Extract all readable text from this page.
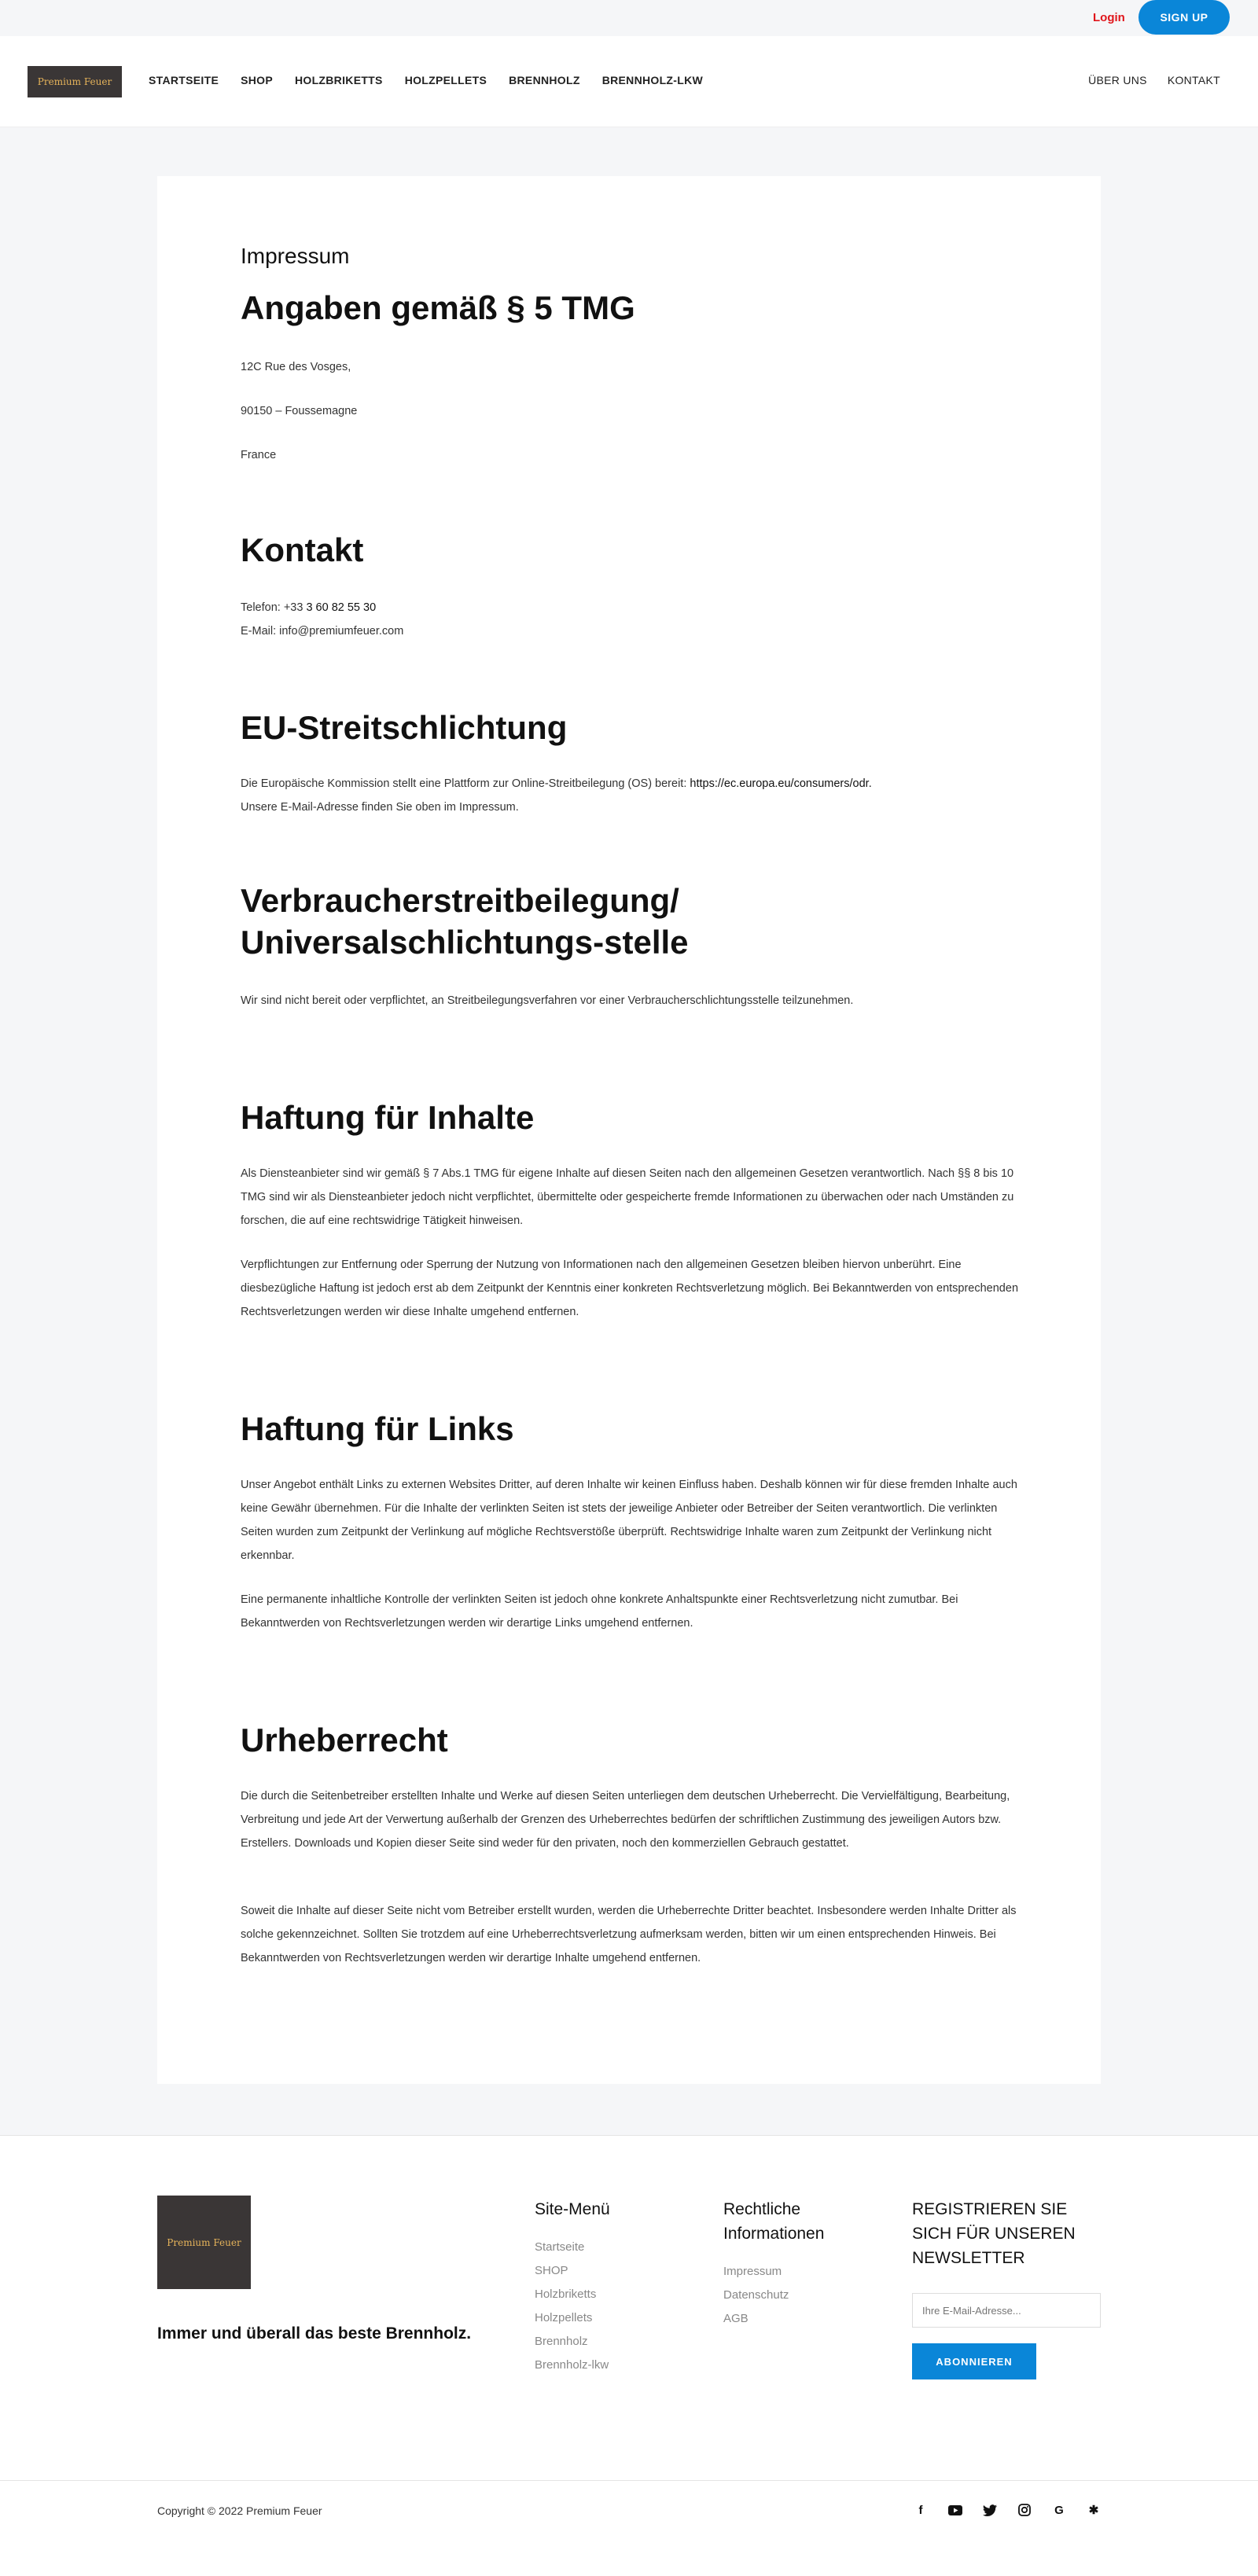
Login	SIGN UP
Premium Feuer	STARTSEITE SHOP HOLZBRIKETTS HOLZPELLETS BRENNHOLZ BRENNHOLZ-LKW	ÜBER UNS KONTAKT
Impressum
Angaben gemäß § 5 TMG

12C Rue des Vosges,

90150 – Foussemagne

France

Kontakt

Telefon: +33 3 60 82 55 30

E-Mail: info@premiumfeuer.com

EU-Streitschlichtung

Die Europäische Kommission stellt eine Plattform zur Online-Streitbeilegung (OS) bereit: https://ec.europa.eu/consumers/odr.

Unsere E-Mail-Adresse finden Sie oben im Impressum.

Verbraucherstreitbeilegung/ Universalschlichtungs-stelle

Wir sind nicht bereit oder verpflichtet, an Streitbeilegungsverfahren vor einer Verbraucherschlichtungsstelle teilzunehmen.

Haftung für Inhalte

Als Diensteanbieter sind wir gemäß § 7 Abs.1 TMG für eigene Inhalte auf diesen Seiten nach den allgemeinen Gesetzen verantwortlich. Nach §§ 8 bis 10 TMG sind wir als Diensteanbieter jedoch nicht verpflichtet, übermittelte oder gespeicherte fremde Informationen zu überwachen oder nach Umständen zu forschen, die auf eine rechtswidrige Tätigkeit hinweisen.

Verpflichtungen zur Entfernung oder Sperrung der Nutzung von Informationen nach den allgemeinen Gesetzen bleiben hiervon unberührt. Eine diesbezügliche Haftung ist jedoch erst ab dem Zeitpunkt der Kenntnis einer konkreten Rechtsverletzung möglich. Bei Bekanntwerden von entsprechenden Rechtsverletzungen werden wir diese Inhalte umgehend entfernen.

Haftung für Links

Unser Angebot enthält Links zu externen Websites Dritter, auf deren Inhalte wir keinen Einfluss haben. Deshalb können wir für diese fremden Inhalte auch keine Gewähr übernehmen. Für die Inhalte der verlinkten Seiten ist stets der jeweilige Anbieter oder Betreiber der Seiten verantwortlich. Die verlinkten Seiten wurden zum Zeitpunkt der Verlinkung auf mögliche Rechtsverstöße überprüft. Rechtswidrige Inhalte waren zum Zeitpunkt der Verlinkung nicht erkennbar.

Eine permanente inhaltliche Kontrolle der verlinkten Seiten ist jedoch ohne konkrete Anhaltspunkte einer Rechtsverletzung nicht zumutbar. Bei Bekanntwerden von Rechtsverletzungen werden wir derartige Links umgehend entfernen.

Urheberrecht

Die durch die Seitenbetreiber erstellten Inhalte und Werke auf diesen Seiten unterliegen dem deutschen Urheberrecht. Die Vervielfältigung, Bearbeitung, Verbreitung und jede Art der Verwertung außerhalb der Grenzen des Urheberrechtes bedürfen der schriftlichen Zustimmung des jeweiligen Autors bzw. Erstellers. Downloads und Kopien dieser Seite sind weder für den privaten, noch den kommerziellen Gebrauch gestattet.

Soweit die Inhalte auf dieser Seite nicht vom Betreiber erstellt wurden, werden die Urheberrechte Dritter beachtet. Insbesondere werden Inhalte Dritter als solche gekennzeichnet. Sollten Sie trotzdem auf eine Urheberrechtsverletzung aufmerksam werden, bitten wir um einen entsprechenden Hinweis. Bei Bekanntwerden von Rechtsverletzungen werden wir derartige Inhalte umgehend entfernen.

Premium Feuer
Immer und überall das beste Brennholz.
Site-Menü
Startseite
SHOP
Holzbriketts
Holzpellets
Brennholz
Brennholz-lkw
Rechtliche Informationen
Impressum
Datenschutz
AGB
REGISTRIEREN SIE SICH FÜR UNSEREN NEWSLETTER
Ihre E-Mail-Adresse...
ABONNIEREN
Copyright © 2022 Premium Feuer	f	G	✱
